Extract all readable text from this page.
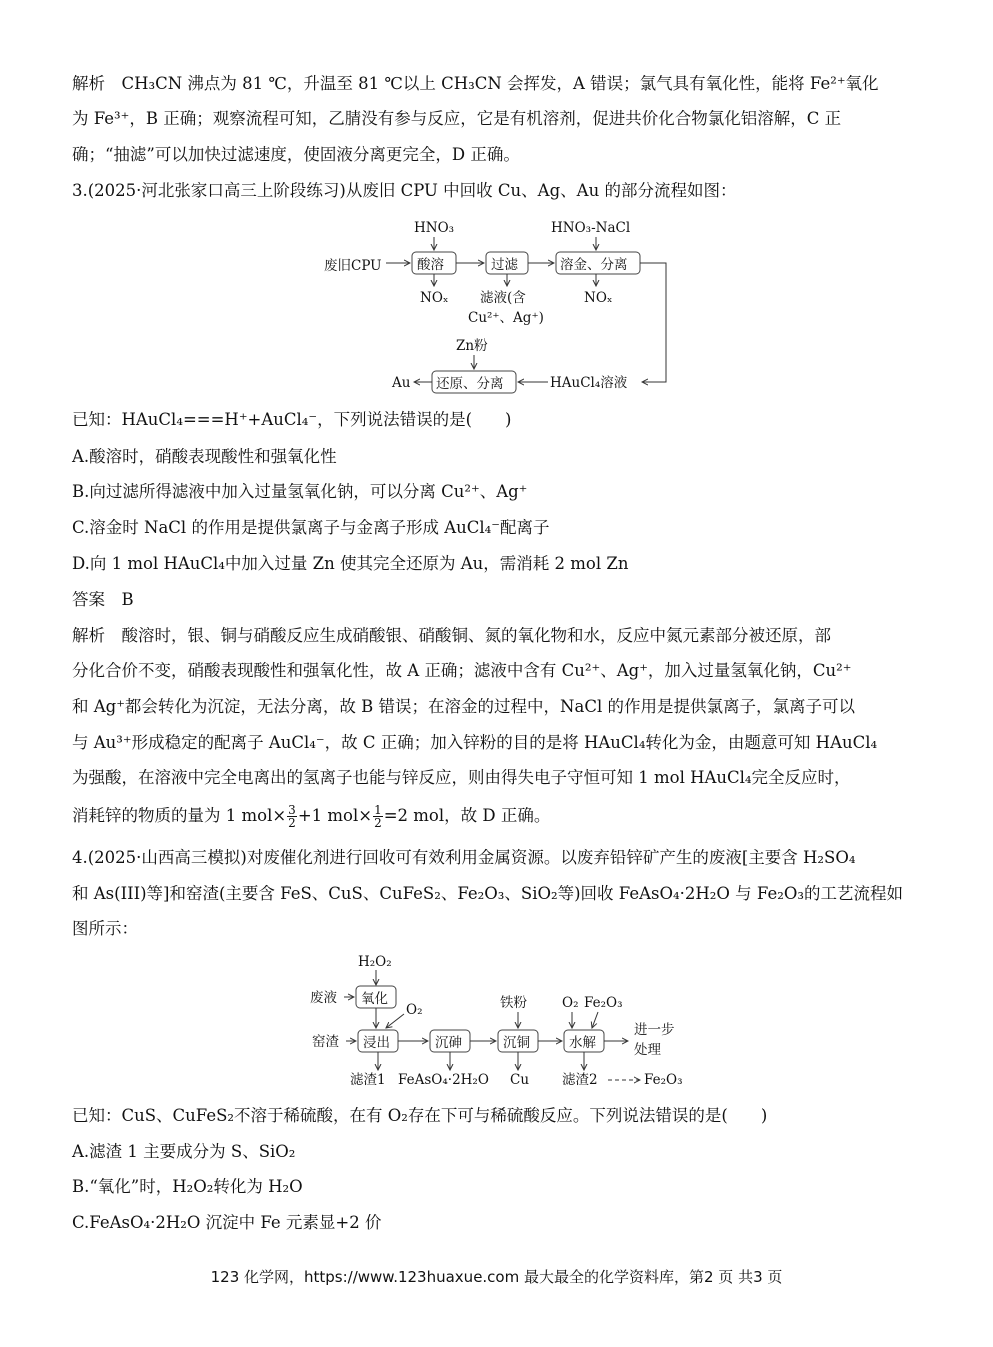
解析　CH₃CN 沸点为 81 ℃，升温至 81 ℃以上 CH₃CN 会挥发，A 错误；氯气具有氧化性，能将 Fe²⁺氧化
为 Fe³⁺，B 正确；观察流程可知，乙腈没有参与反应，它是有机溶剂，促进共价化合物氯化铝溶解，C 正
确；“抽滤”可以加快过滤速度，使固液分离更完全，D 正确。
3.(2025·河北张家口高三上阶段练习)从废旧 CPU 中回收 Cu、Ag、Au 的部分流程如图：
废旧CPU
HNO₃
酸溶	过滤	溶金、分离
HNO₃-NaCl
NOₓ 滤液(含
Cu²⁺、Ag⁺)
NOₓ
HAuCl₄溶液
还原、分离
Zn粉
Au
已知：HAuCl₄===H⁺+AuCl₄⁻，下列说法错误的是(　　)
A.酸溶时，硝酸表现酸性和强氧化性
B.向过滤所得滤液中加入过量氢氧化钠，可以分离 Cu²⁺、Ag⁺
C.溶金时 NaCl 的作用是提供氯离子与金离子形成 AuCl₄⁻配离子
D.向 1 mol HAuCl₄中加入过量 Zn 使其完全还原为 Au，需消耗 2 mol Zn
答案　B
解析　酸溶时，银、铜与硝酸反应生成硝酸银、硝酸铜、氮的氧化物和水，反应中氮元素部分被还原，部
分化合价不变，硝酸表现酸性和强氧化性，故 A 正确；滤液中含有 Cu²⁺、Ag⁺，加入过量氢氧化钠，Cu²⁺
和 Ag⁺都会转化为沉淀，无法分离，故 B 错误；在溶金的过程中，NaCl 的作用是提供氯离子，氯离子可以
与 Au³⁺形成稳定的配离子 AuCl₄⁻，故 C 正确；加入锌粉的目的是将 HAuCl₄转化为金，由题意可知 HAuCl₄
为强酸，在溶液中完全电离出的氢离子也能与锌反应，则由得失电子守恒可知 1 mol HAuCl₄完全反应时，
消耗锌的物质的量为 1 $mol\times \frac{3}{2} +1$ $mol\times \frac{1}{2} =2$ mol，故 D 正确。
4.(2025·山西高三模拟)对废催化剂进行回收可有效利用金属资源。以废弃铅锌矿产生的废液[主要含 H₂SO₄
和 As(III)等]和窑渣(主要含 FeS、CuS、CuFeS₂、Fe₂O₃、SiO₂等)回收 FeAsO₄·2H₂O 与 Fe₂O₃的工艺流程如
图所示：
H₂O₂
废液 氧化
O₂
窑渣 浸出	沉砷
铁粉
沉铜
O₂ Fe₂O₃
水解
进一步
处理
滤渣1 FeAsO₄·2H₂O Cu 滤渣2	Fe₂O₃
已知：CuS、CuFeS₂不溶于稀硫酸，在有 O₂存在下可与稀硫酸反应。下列说法错误的是(　　)
A.滤渣 1 主要成分为 S、SiO₂
B.“氧化”时，H₂O₂转化为 H₂O
C.FeAsO₄·2H₂O 沉淀中 Fe 元素显+2 价
123 化学网，https://www.123huaxue.com 最大最全的化学资料库，第2 页 共3 页
